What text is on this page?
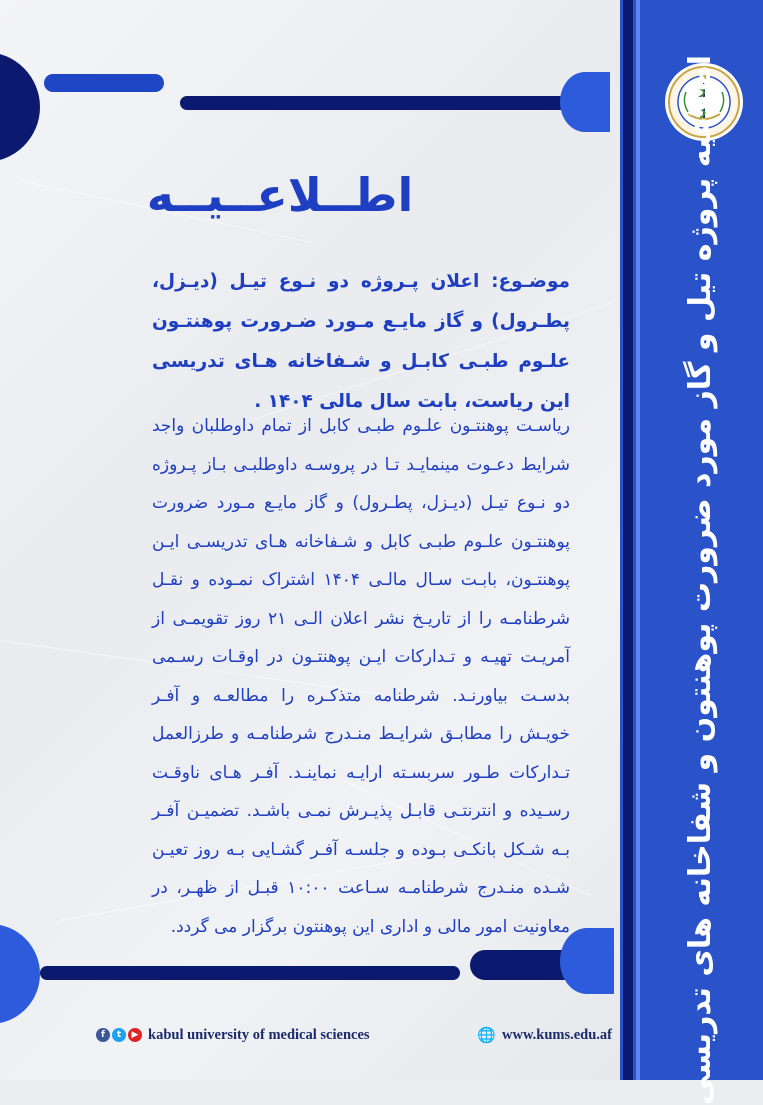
اطلاعیه پروژه تیل و گاز مورد ضرورت پوهنتون و شفاخانه های تدریسی
اطــلاعــیــه
موضـوع: اعلان پـروژه دو نـوع تیـل (دیـزل، پطـرول) و گاز مایـع مـورد ضـرورت پوهنتـون علـوم طبـی کابـل و شـفاخانه هـای تدریسی این ریاست، بابت سال مالی ۱۴۰۴ .
ریاسـت پوهنتـون علـوم طبـی کابل از تمام داوطلبان واجد شرایط دعـوت مینمایـد تـا در پروسـه داوطلبـی بـاز پـروژه دو نـوع تیـل (دیـزل، پطـرول) و گاز مایـع مـورد ضرورت پوهنتـون علـوم طبـی کابل و شـفاخانه هـای تدریسـی ایـن پوهنتـون، بابـت سـال مالـی ۱۴۰۴ اشتراک نمـوده و نقـل شرطنامـه را از تاریـخ نشر اعلان الـی ۲۱ روز تقویمـی از آمریـت تهیـه و تـدارکات ایـن پوهنتـون در اوقـات رسـمی بدسـت بیاورنـد. شرطنامه متذکـره را مطالعـه و آفـر خویـش را مطابـق شرایـط منـدرج شرطنامـه و طرزالعمل تـدارکات طـور سربسـته ارایـه نماینـد. آفـر هـای ناوقـت رسـیده و انترنتـی قابـل پذیـرش نمـی باشـد. تضمیـن آفـر بـه شـکل بانکـی بـوده و جلسـه آفـر گشـایی بـه روز تعیـن شـده منـدرج شرطنامـه سـاعت ۱۰:۰۰ قبـل از ظهـر، در معاونیت امور مالی و اداری این پوهنتون برگزار می گردد.
f	t	▶ kabul university of medical sciences	🌐 www.kums.edu.af
